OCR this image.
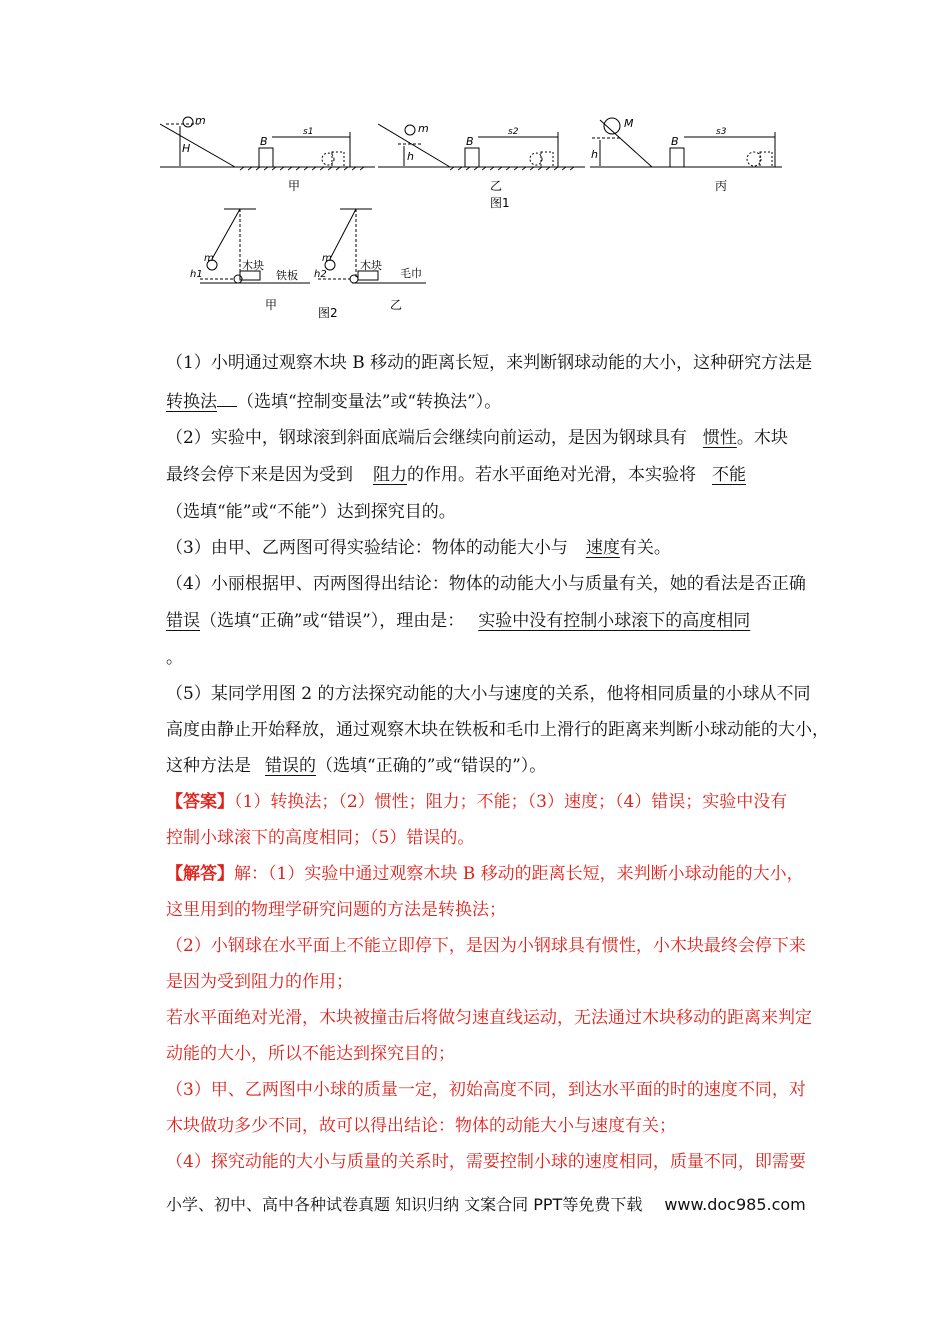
m
H
B
s1
甲
m
h
B
s2
乙
图1
M
h
B
s3
丙
m
h1
木块
铁板
甲
m
h2
木块
毛巾
乙
图2
（1）小明通过观察木块 B 移动的距离长短，来判断钢球动能的大小，这种研究方法是
转换法 （选填“控制变量法”或“转换法”）。
（2）实验中，钢球滚到斜面底端后会继续向前运动，是因为钢球具有 惯性。木块
最终会停下来是因为受到 阻力的作用。若水平面绝对光滑，本实验将 不能
（选填“能”或“不能”）达到探究目的。
（3）由甲、乙两图可得实验结论：物体的动能大小与 速度有关。
（4）小丽根据甲、丙两图得出结论：物体的动能大小与质量有关，她的看法是否正确
错误（选填“正确”或“错误”），理由是： 实验中没有控制小球滚下的高度相同
。
（5）某同学用图 2 的方法探究动能的大小与速度的关系，他将相同质量的小球从不同
高度由静止开始释放，通过观察木块在铁板和毛巾上滑行的距离来判断小球动能的大小，
这种方法是 错误的（选填“正确的”或“错误的”）。
【答案】（1）转换法；（2）惯性；阻力；不能；（3）速度；（4）错误；实验中没有
控制小球滚下的高度相同；（5）错误的。
【解答】解：（1）实验中通过观察木块 B 移动的距离长短，来判断小球动能的大小，
这里用到的物理学研究问题的方法是转换法；
（2）小钢球在水平面上不能立即停下，是因为小钢球具有惯性，小木块最终会停下来
是因为受到阻力的作用；
若水平面绝对光滑，木块被撞击后将做匀速直线运动，无法通过木块移动的距离来判定
动能的大小，所以不能达到探究目的；
（3）甲、乙两图中小球的质量一定，初始高度不同，到达水平面的时的速度不同，对
木块做功多少不同，故可以得出结论：物体的动能大小与速度有关；
（4）探究动能的大小与质量的关系时，需要控制小球的速度相同，质量不同，即需要
小学、初中、高中各种试卷真题 知识归纳 文案合同 PPT等免费下载 www.doc985.com
